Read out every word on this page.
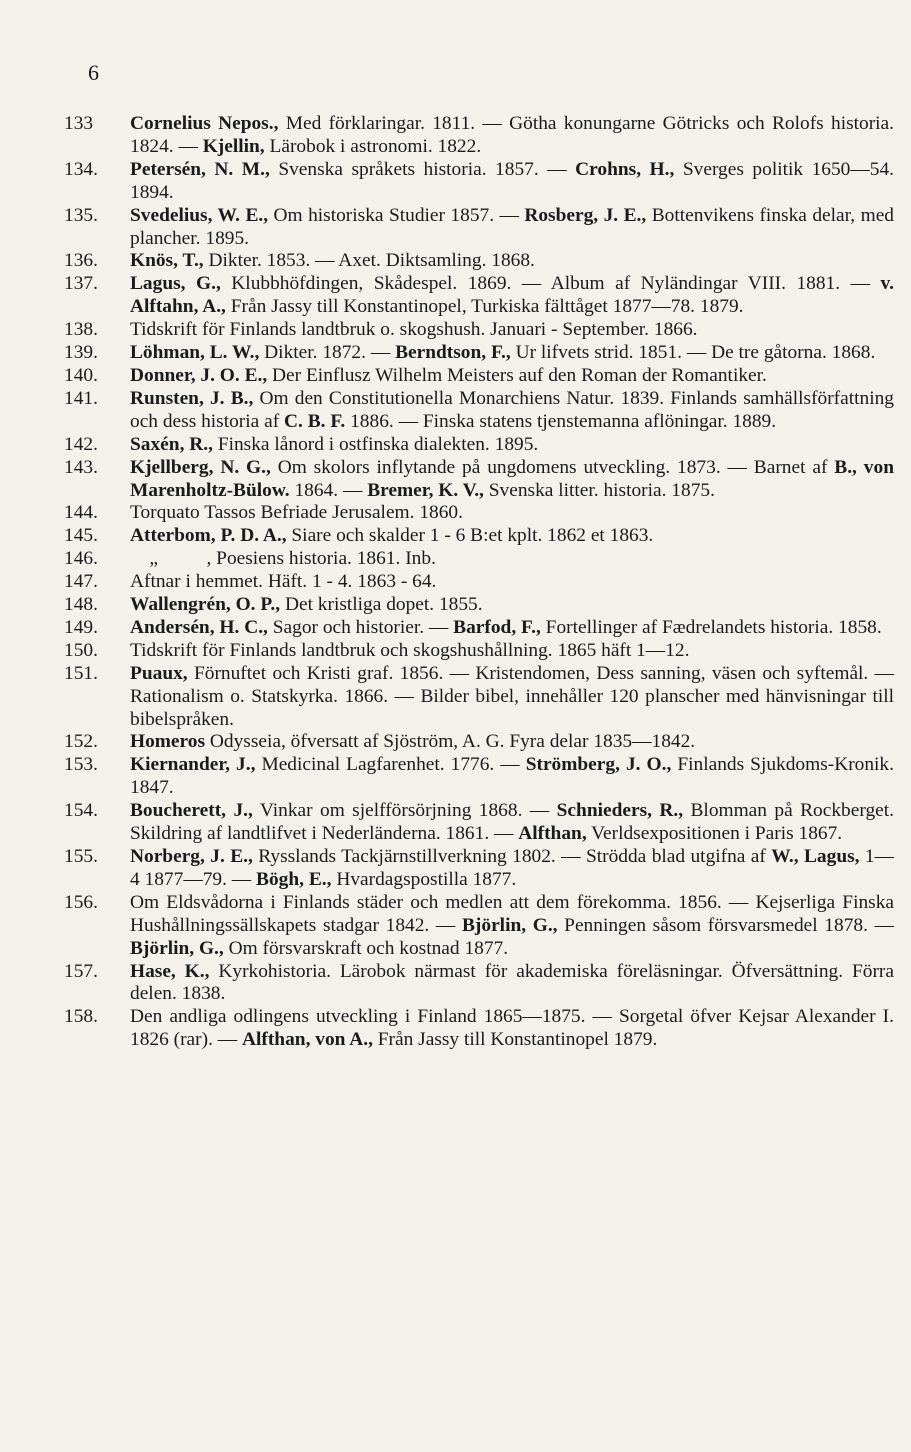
6
133	Cornelius Nepos., Med förklaringar. 1811. — Götha konungarne Götricks och Rolofs historia. 1824. — Kjellin, Lärobok i astronomi. 1822.
134.	Petersén, N. M., Svenska språkets historia. 1857. — Crohns, H., Sverges politik 1650—54. 1894.
135.	Svedelius, W. E., Om historiska Studier 1857. — Rosberg, J. E., Bottenvikens finska delar, med plancher. 1895.
136.	Knös, T., Dikter. 1853. — Axet. Diktsamling. 1868.
137.	Lagus, G., Klubbhöfdingen, Skådespel. 1869. — Album af Nyländingar VIII. 1881. — v. Alftahn, A., Från Jassy till Konstantinopel, Turkiska fälttåget 1877—78. 1879.
138.	Tidskrift för Finlands landtbruk o. skogshush. Januari - September. 1866.
139.	Löhman, L. W., Dikter. 1872. — Berndtson, F., Ur lifvets strid. 1851. — De tre gåtorna. 1868.
140.	Donner, J. O. E., Der Einflusz Wilhelm Meisters auf den Roman der Romantiker.
141.	Runsten, J. B., Om den Constitutionella Monarchiens Natur. 1839. Finlands samhällsförfattning och dess historia af C. B. F. 1886. — Finska statens tjenstemanna aflöningar. 1889.
142.	Saxén, R., Finska lånord i ostfinska dialekten. 1895.
143.	Kjellberg, N. G., Om skolors inflytande på ungdomens utveckling. 1873. — Barnet af B., von Marenholtz-Bülow. 1864. — Bremer, K. V., Svenska litter. historia. 1875.
144.	Torquato Tassos Befriade Jerusalem. 1860.
145.	Atterbom, P. D. A., Siare och skalder 1 - 6 B:et kplt. 1862 et 1863.
146.	„          , Poesiens historia. 1861. Inb.
147.	Aftnar i hemmet. Häft. 1 - 4. 1863 - 64.
148.	Wallengrén, O. P., Det kristliga dopet. 1855.
149.	Andersén, H. C., Sagor och historier. — Barfod, F., Fortellinger af Fædrelandets historia. 1858.
150.	Tidskrift för Finlands landtbruk och skogshushållning. 1865 häft 1—12.
151.	Puaux, Förnuftet och Kristi graf. 1856. — Kristendomen, Dess sanning, väsen och syftemål. — Rationalism o. Statskyrka. 1866. — Bilder bibel, innehåller 120 plansсher med hänvisningar till bibelspråken.
152.	Homeros Odysseia, öfversatt af Sjöström, A. G. Fyra delar 1835—1842.
153.	Kiernander, J., Medicinal Lagfarenhet. 1776. — Strömberg, J. O., Finlands Sjukdoms-Kronik. 1847.
154.	Boucherett, J., Vinkar om sjelfförsörjning 1868. — Schnieders, R., Blomman på Rockberget. Skildring af landtlifvet i Nederländerna. 1861. — Alfthan, Verldsexpositionen i Paris 1867.
155.	Norberg, J. E., Rysslands Tackjärnstillverkning 1802. — Strödda blad utgifna af W., Lagus, 1—4 1877—79. — Bögh, E., Hvardagspostilla 1877.
156.	Om Eldsvådorna i Finlands städer och medlen att dem förekomma. 1856. — Kejserliga Finska Hushållningssällskapets stadgar 1842. — Björlin, G., Penningen såsom försvarsmedel 1878. — Björlin, G., Om försvarskraft och kostnad 1877.
157.	Hase, K., Kyrkohistoria. Lärobok närmast för akademiska föreläsningar. Öfversättning. Förra delen. 1838.
158.	Den andliga odlingens utveckling i Finland 1865—1875. — Sorgetal öfver Kejsar Alexander I. 1826 (rar). — Alfthan, von A., Från Jassy till Konstantinopel 1879.
